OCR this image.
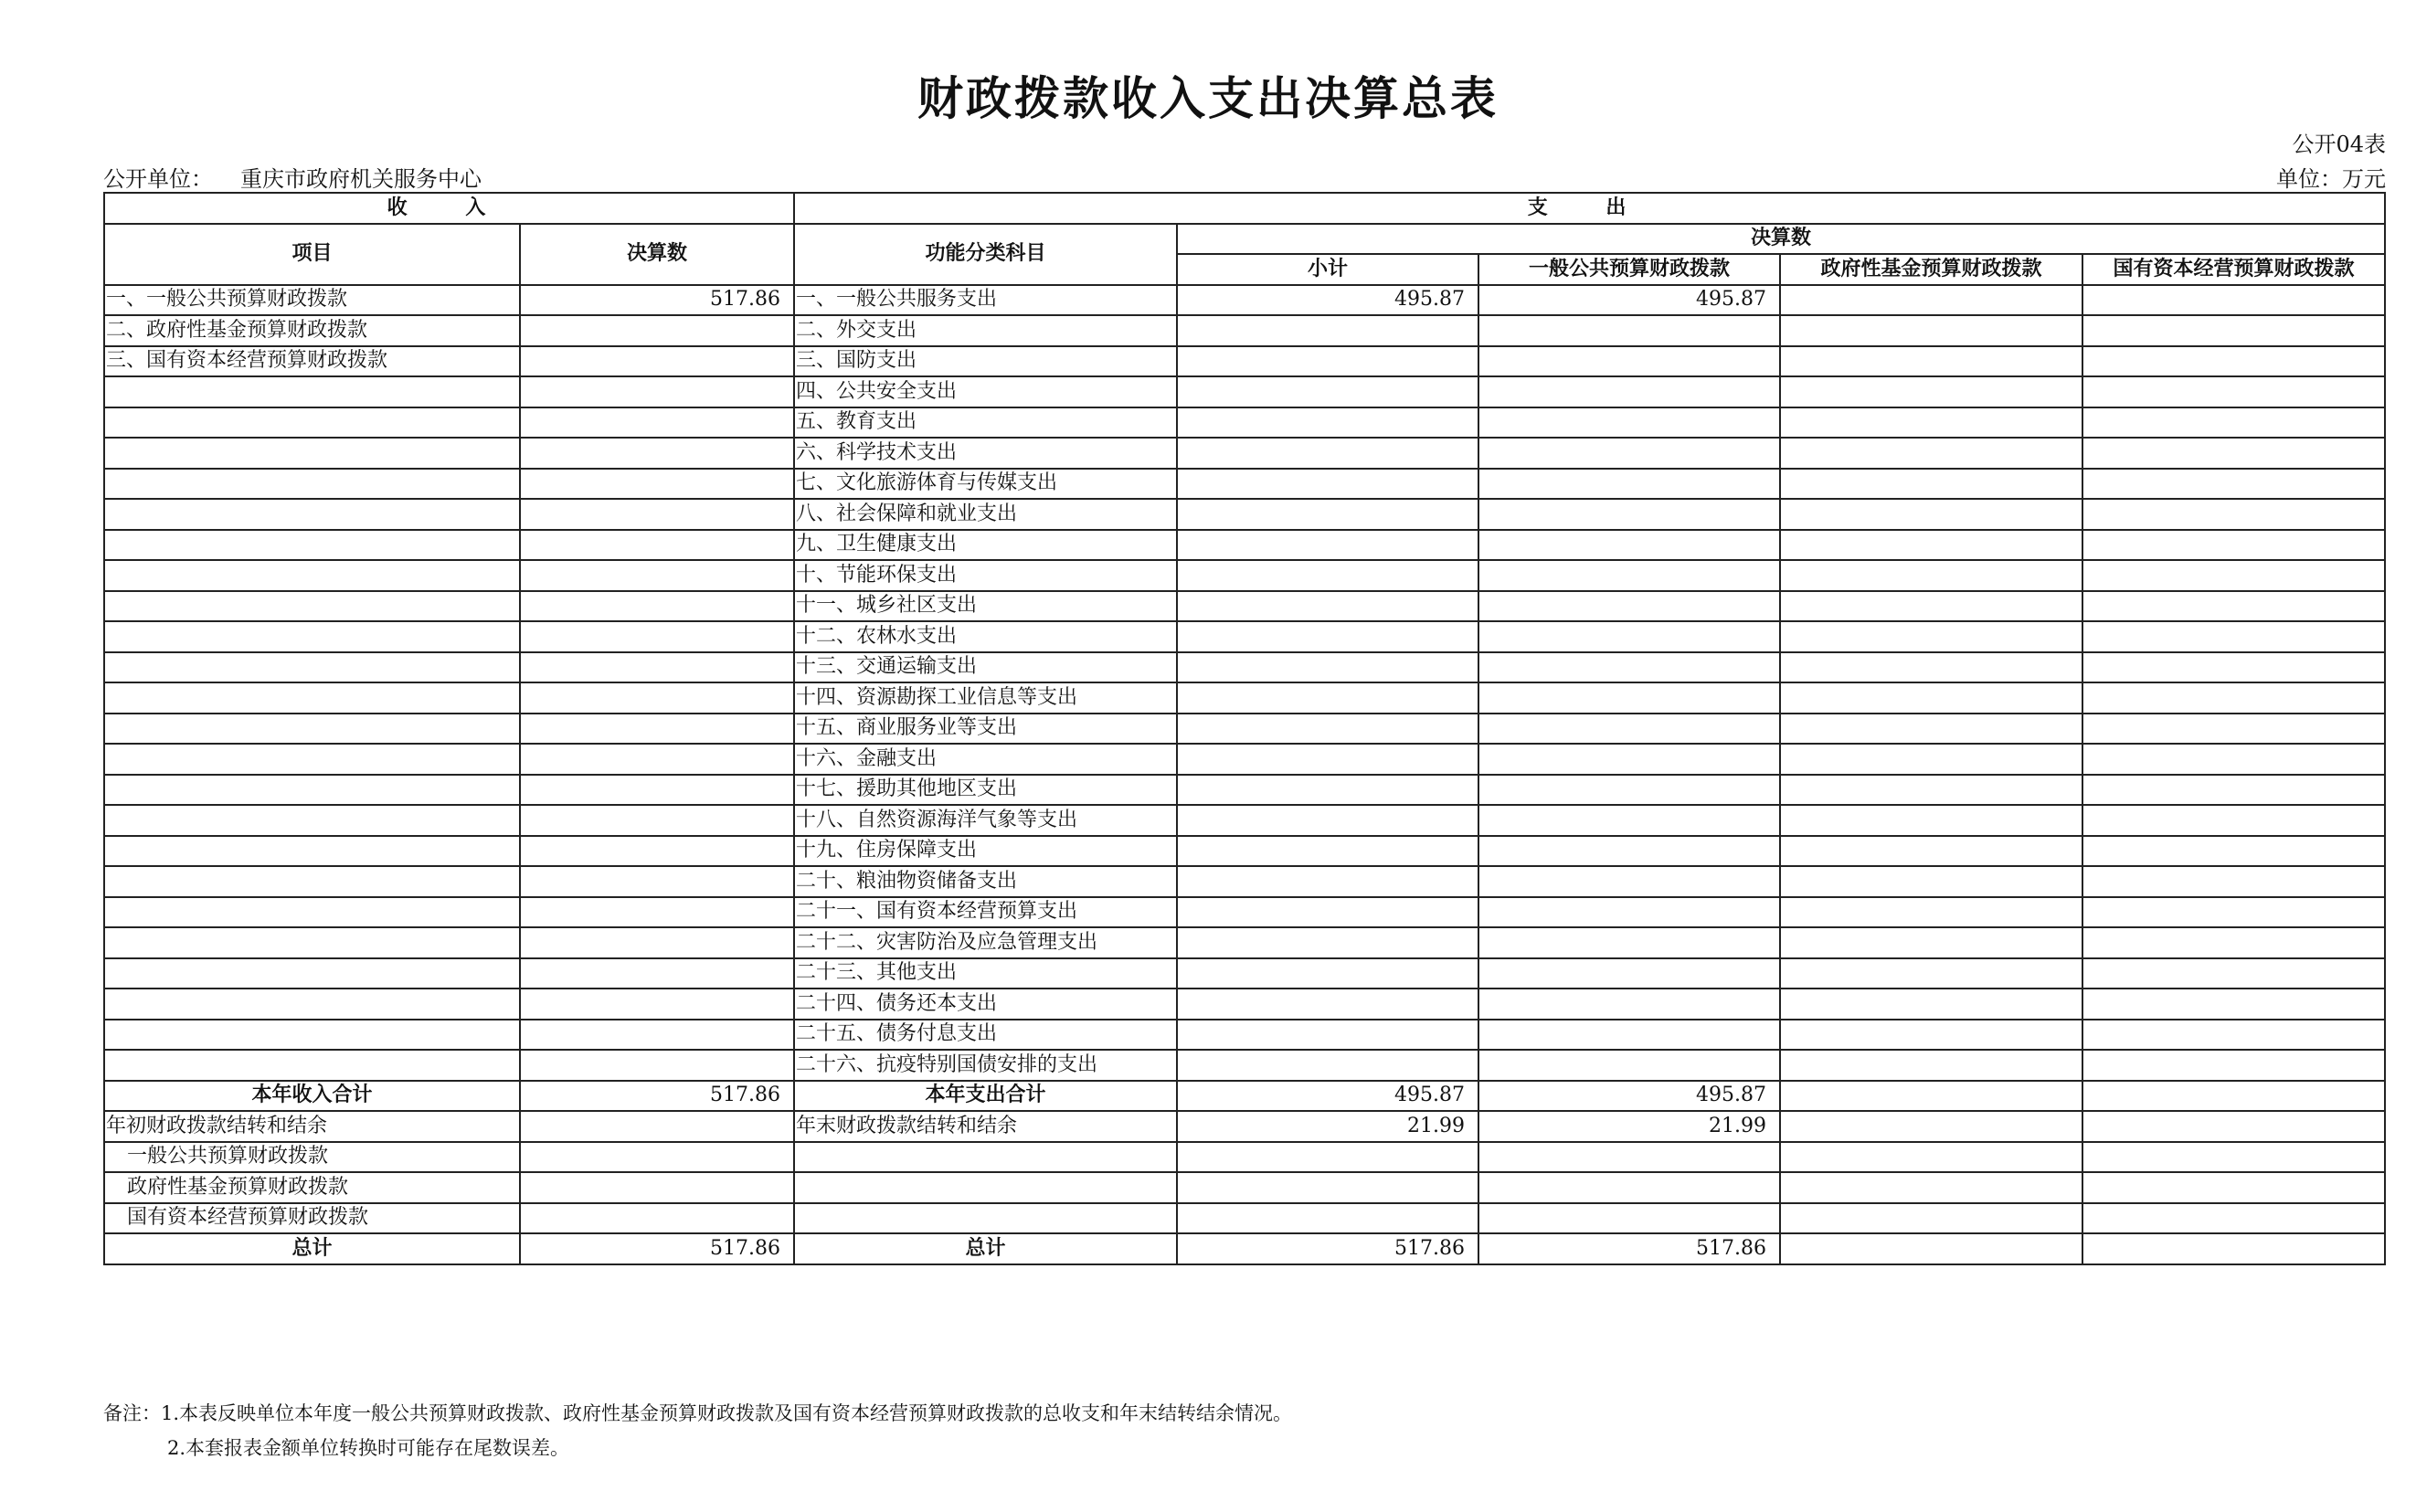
财政拨款收入支出决算总表
公开04表
公开单位： 重庆市政府机关服务中心	单位：万元
收 入		支 出				
项目	决算数	功能分类科目	决算数			
			小计	一般公共预算财政拨款	政府性基金预算财政拨款	国有资本经营预算财政拨款
一、一般公共预算财政拨款	517.86	一、一般公共服务支出	495.87	495.87		
二、政府性基金预算财政拨款		二、外交支出				
三、国有资本经营预算财政拨款		三、国防支出				
		四、公共安全支出				
		五、教育支出				
		六、科学技术支出				
		七、文化旅游体育与传媒支出				
		八、社会保障和就业支出				
		九、卫生健康支出				
		十、节能环保支出				
		十一、城乡社区支出				
		十二、农林水支出				
		十三、交通运输支出				
		十四、资源勘探工业信息等支出				
		十五、商业服务业等支出				
		十六、金融支出				
		十七、援助其他地区支出				
		十八、自然资源海洋气象等支出				
		十九、住房保障支出				
		二十、粮油物资储备支出				
		二十一、国有资本经营预算支出				
		二十二、灾害防治及应急管理支出				
		二十三、其他支出				
		二十四、债务还本支出				
		二十五、债务付息支出				
		二十六、抗疫特别国债安排的支出				
本年收入合计	517.86	本年支出合计	495.87	495.87		
年初财政拨款结转和结余		年末财政拨款结转和结余	21.99	21.99		
一般公共预算财政拨款						
政府性基金预算财政拨款						
国有资本经营预算财政拨款						
总计	517.86	总计	517.86	517.86		
备注：1.本表反映单位本年度一般公共预算财政拨款、政府性基金预算财政拨款及国有资本经营预算财政拨款的总收支和年末结转结余情况。
2.本套报表金额单位转换时可能存在尾数误差。
